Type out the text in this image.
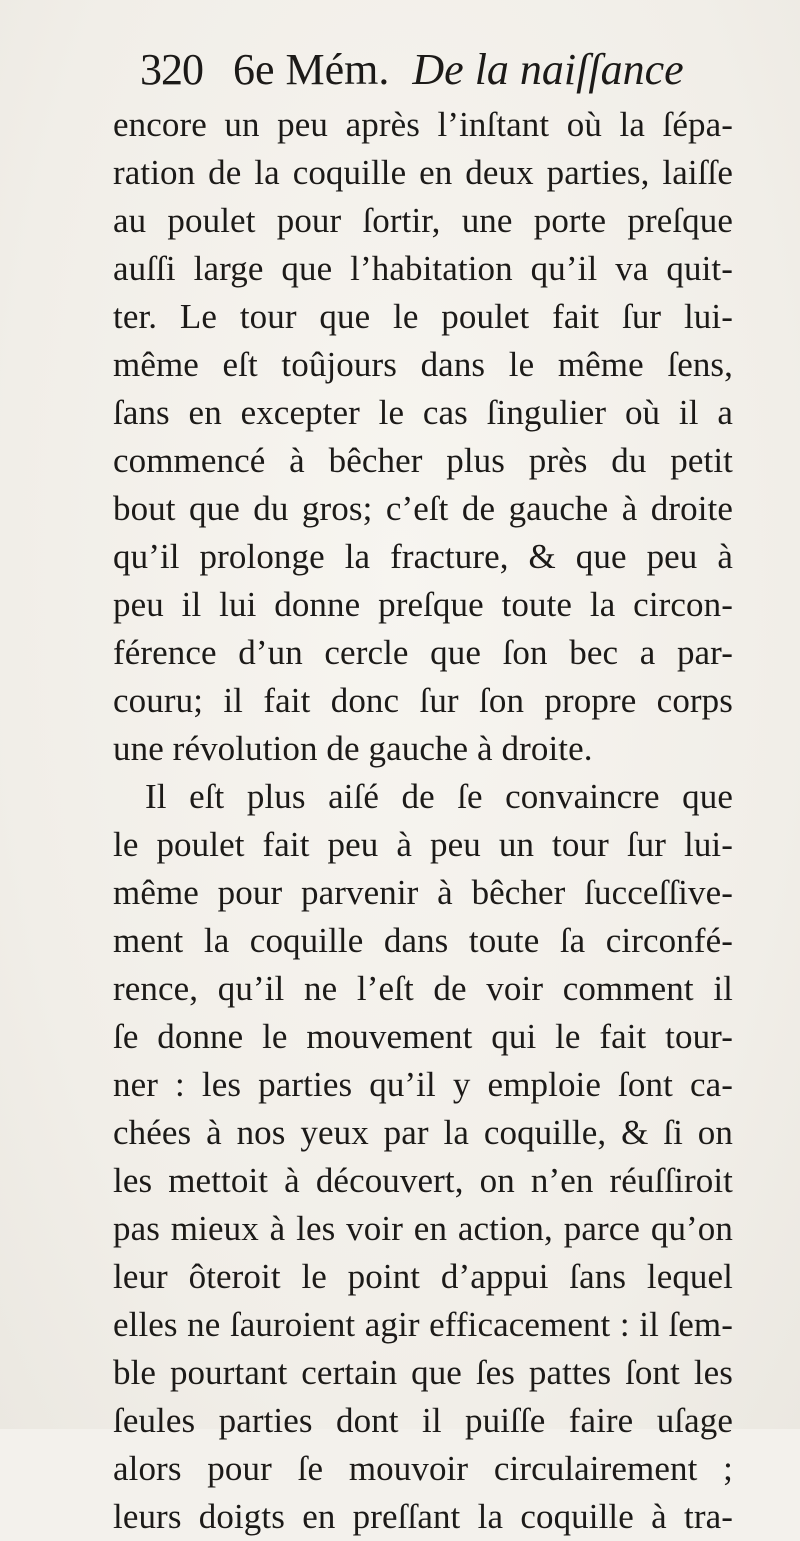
320 6e Mém. De la naiſſance
encore un peu après l’inſtant où la ſépa-
ration de la coquille en deux parties, laiſſe
au poulet pour ſortir, une porte preſque
auſſi large que l’habitation qu’il va quit-
ter. Le tour que le poulet fait ſur lui-
même eſt toûjours dans le même ſens,
ſans en excepter le cas ſingulier où il a
commencé à bêcher plus près du petit
bout que du gros; c’eſt de gauche à droite
qu’il prolonge la fracture, & que peu à
peu il lui donne preſque toute la circon-
férence d’un cercle que ſon bec a par-
couru; il fait donc ſur ſon propre corps
une révolution de gauche à droite.
Il eſt plus aiſé de ſe convaincre que
le poulet fait peu à peu un tour ſur lui-
même pour parvenir à bêcher ſucceſſive-
ment la coquille dans toute ſa circonfé-
rence, qu’il ne l’eſt de voir comment il
ſe donne le mouvement qui le fait tour-
ner : les parties qu’il y emploie ſont ca-
chées à nos yeux par la coquille, & ſi on
les mettoit à découvert, on n’en réuſſiroit
pas mieux à les voir en action, parce qu’on
leur ôteroit le point d’appui ſans lequel
elles ne ſauroient agir efficacement : il ſem-
ble pourtant certain que ſes pattes ſont les
ſeules parties dont il puiſſe faire uſage
alors pour ſe mouvoir circulairement ;
leurs doigts en preſſant la coquille à tra-
